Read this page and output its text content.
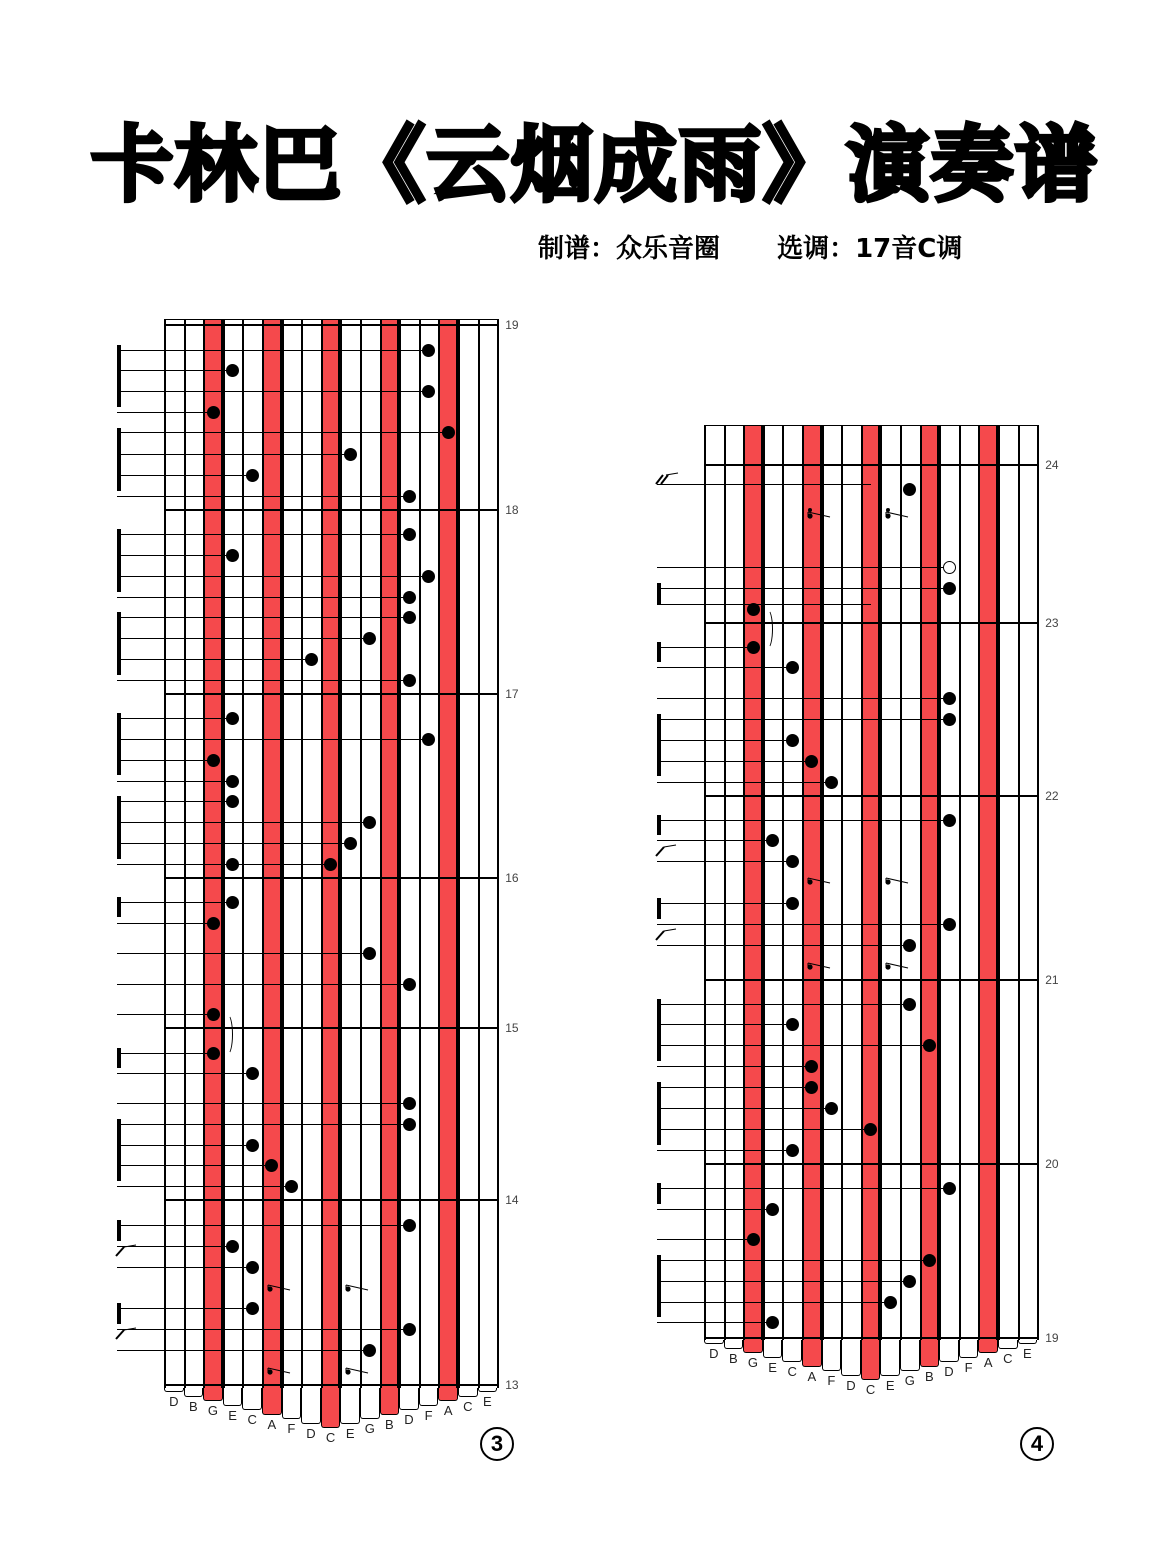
卡林巴《云烟成雨》演奏谱
制谱：众乐音圈 选调：17音C调
D B G E C A F D C E G B D F A C E
19
18
17
16
15
14
13
D B G E C A F D C E G B D F A C E
24
23
22
21
20
19
3	4
